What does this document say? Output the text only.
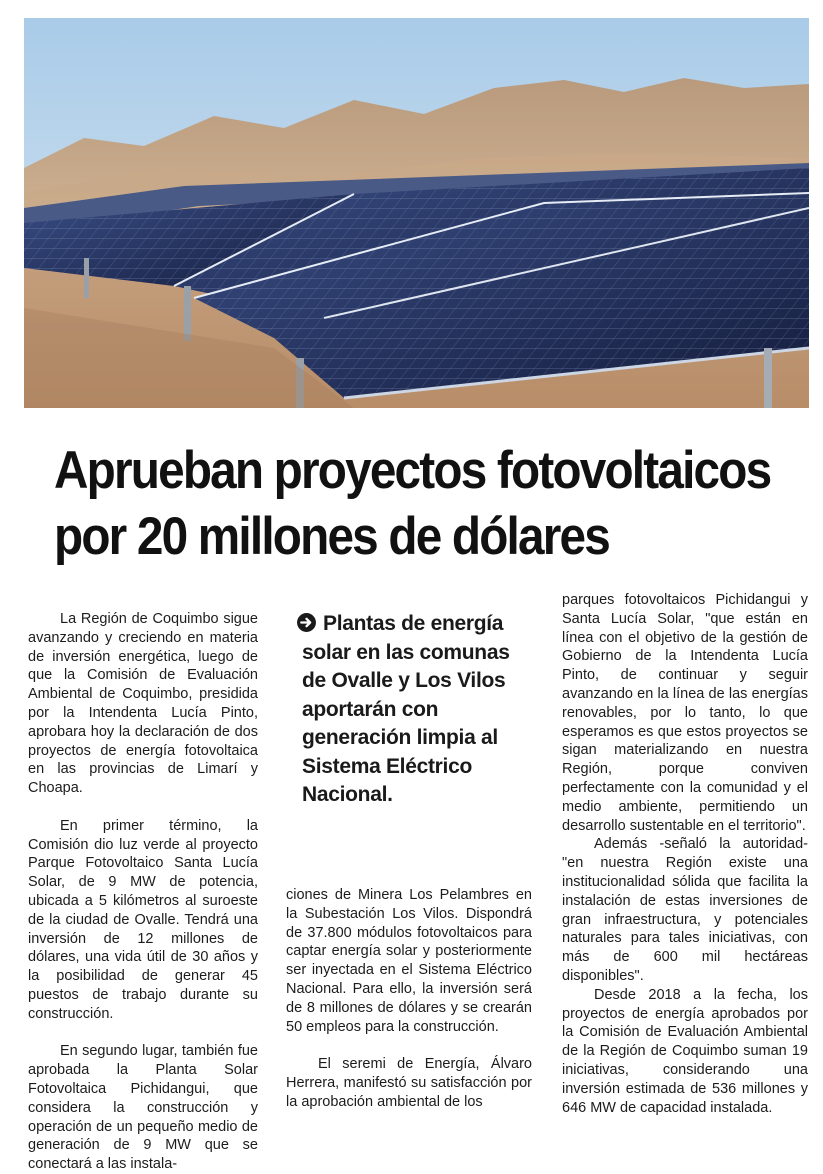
Aprueban proyectos fotovoltaicos
por 20 millones de dólares

La Región de Coquimbo sigue avanzando y creciendo en materia de inversión energética, luego de que la Comisión de Evaluación Ambiental de Coquimbo, presidida por la Intendenta Lucía Pinto, aprobara hoy la declaración de dos proyectos de energía fotovoltaica en las provincias de Limarí y Choapa.

En primer término, la Comisión dio luz verde al proyecto Parque Fotovoltaico Santa Lucía Solar, de 9 MW de potencia, ubicada a 5 kilómetros al suroeste de la ciudad de Ovalle. Tendrá una inversión de 12 millones de dólares, una vida útil de 30 años y la posibilidad de generar 45 puestos de trabajo durante su construcción.

En segundo lugar, también fue aprobada la Planta Solar Fotovoltaica Pichidangui, que considera la construcción y operación de un pequeño medio de generación de 9 MW que se conectará a las instala-

Plantas de energía
solar en las comunas
de Ovalle y Los Vilos
aportarán con
generación limpia al
Sistema Eléctrico
Nacional.

ciones de Minera Los Pelambres en la Subestación Los Vilos. Dispondrá de 37.800 módulos fotovoltaicos para captar energía solar y posteriormente ser inyectada en el Sistema Eléctrico Nacional. Para ello, la inversión será de 8 millones de dólares y se crearán 50 empleos para la construcción.

El seremi de Energía, Álvaro Herrera, manifestó su satisfacción por la aprobación ambiental de los

parques fotovoltaicos Pichidangui y Santa Lucía Solar, "que están en línea con el objetivo de la gestión de Gobierno de la Intendenta Lucía Pinto, de continuar y seguir avanzando en la línea de las energías renovables, por lo tanto, lo que esperamos es que estos proyectos se sigan materializando en nuestra Región, porque conviven perfectamente con la comunidad y el medio ambiente, permitiendo un desarrollo sustentable en el territorio".

Además -señaló la autoridad- "en nuestra Región existe una institucionalidad sólida que facilita la instalación de estas inversiones de gran infraestructura, y potenciales naturales para tales iniciativas, con más de 600 mil hectáreas disponibles".

Desde 2018 a la fecha, los proyectos de energía aprobados por la Comisión de Evaluación Ambiental de la Región de Coquimbo suman 19 iniciativas, considerando una inversión estimada de 536 millones y 646 MW de capacidad instalada.
